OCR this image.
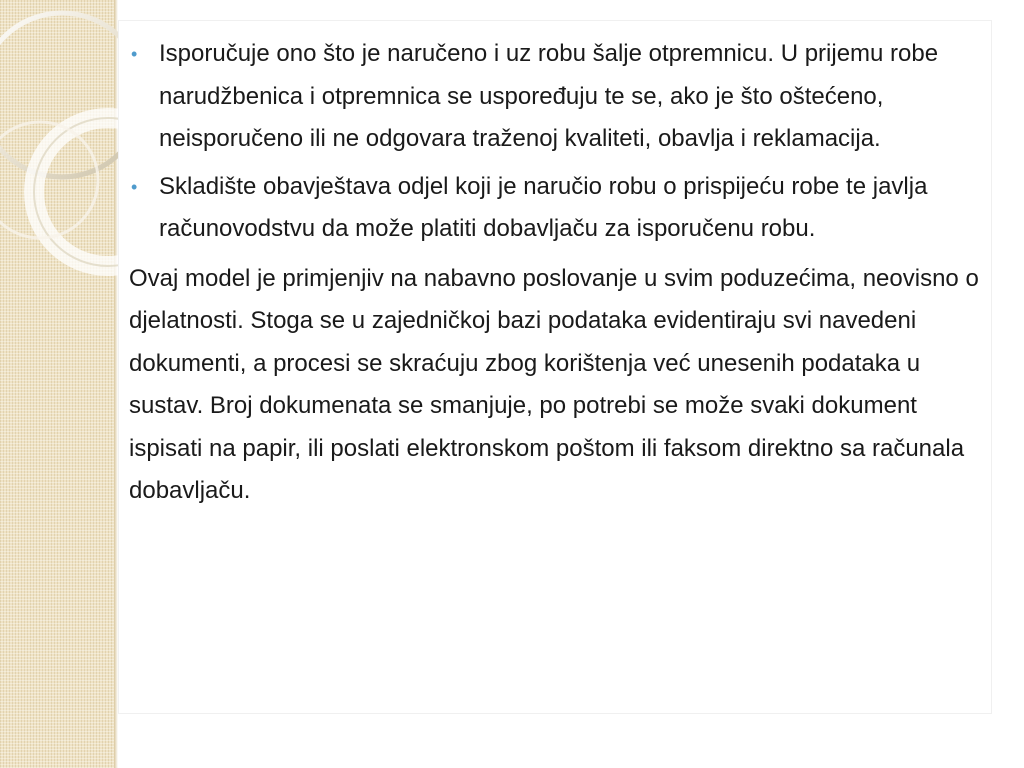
• Isporučuje ono što je naručeno i uz robu šalje otpremnicu. U prijemu robe narudžbenica i otpremnica se uspoređuju te se, ako je što oštećeno, neisporučeno ili ne odgovara traženoj kvaliteti, obavlja i reklamacija.
• Skladište obavještava odjel koji je naručio robu o prispijeću robe te javlja računovodstvu da može platiti dobavljaču za isporučenu robu.

Ovaj model je primjenjiv na nabavno poslovanje u svim poduzećima, neovisno o djelatnosti. Stoga se u zajedničkoj bazi podataka evidentiraju svi navedeni dokumenti, a procesi se skraćuju zbog korištenja već unesenih podataka u sustav. Broj dokumenata se smanjuje, po potrebi se može svaki dokument ispisati na papir, ili poslati elektronskom poštom ili faksom direktno sa računala dobavljaču.
